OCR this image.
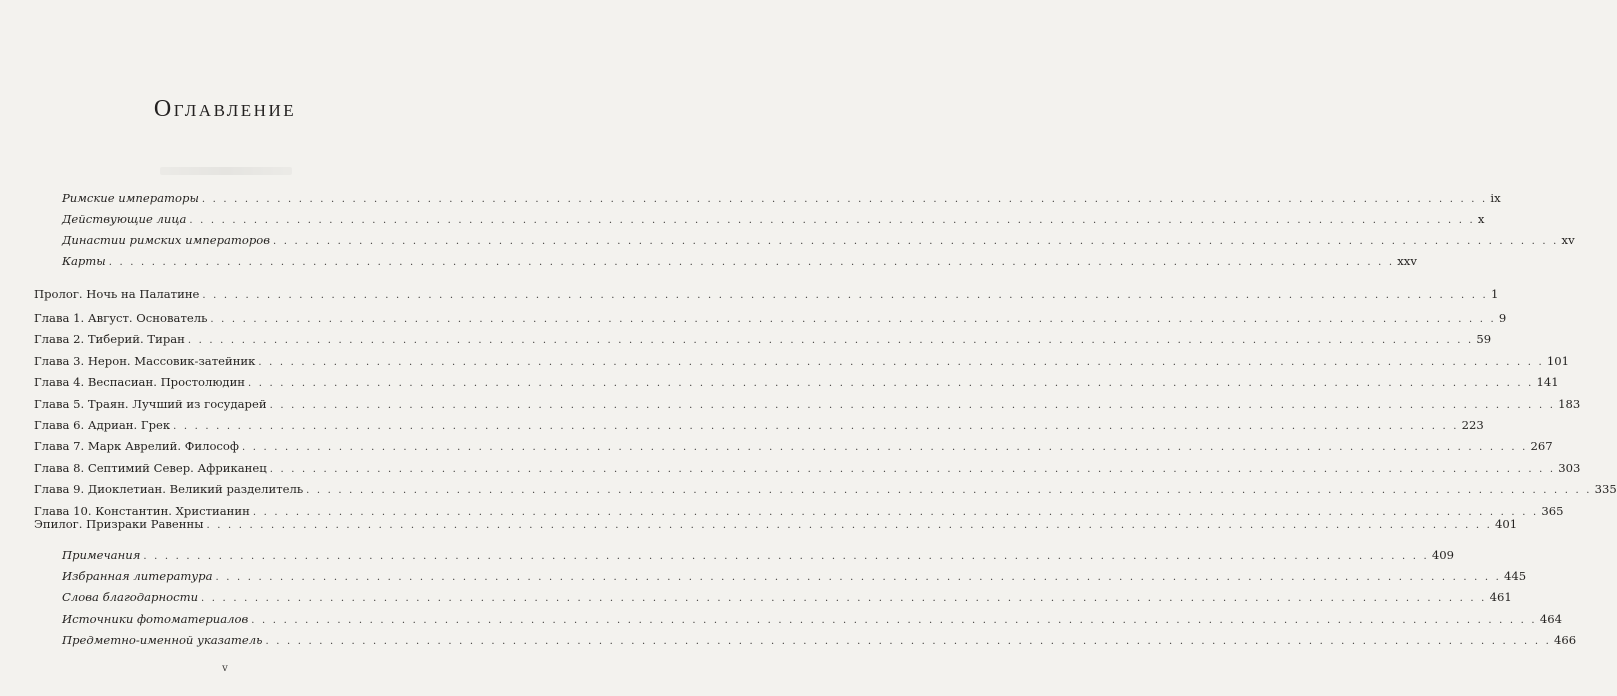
Оглавление
Римские императоры . . . . . . . . . . . . . . . . . . . . . . . . . . . . . . . . . . . . . . . . . . . . . . . . . . . . . . . . . . . . . . . . . . . . . . . . . . . . . . . . . . . . . . . . . . . . . . . . . . . . . . . . . . . . . . . . . . . . . . . . ix
Действующие лица . . . . . . . . . . . . . . . . . . . . . . . . . . . . . . . . . . . . . . . . . . . . . . . . . . . . . . . . . . . . . . . . . . . . . . . . . . . . . . . . . . . . . . . . . . . . . . . . . . . . . . . . . . . . . . . . . . . . . . . . x
Династии римских императоров . . . . . . . . . . . . . . . . . . . . . . . . . . . . . . . . . . . . . . . . . . . . . . . . . . . . . . . . . . . . . . . . . . . . . . . . . . . . . . . . . . . . . . . . . . . . . . . . . . . . . . . . . . . . . . . . . . . . . . . . xv
Карты . . . . . . . . . . . . . . . . . . . . . . . . . . . . . . . . . . . . . . . . . . . . . . . . . . . . . . . . . . . . . . . . . . . . . . . . . . . . . . . . . . . . . . . . . . . . . . . . . . . . . . . . . . . . . . . . . . . . . . . . xxv
Пролог. Ночь на Палатине . . . . . . . . . . . . . . . . . . . . . . . . . . . . . . . . . . . . . . . . . . . . . . . . . . . . . . . . . . . . . . . . . . . . . . . . . . . . . . . . . . . . . . . . . . . . . . . . . . . . . . . . . . . . . . . . . . . . . . . . 1
Глава 1. Август. Основатель . . . . . . . . . . . . . . . . . . . . . . . . . . . . . . . . . . . . . . . . . . . . . . . . . . . . . . . . . . . . . . . . . . . . . . . . . . . . . . . . . . . . . . . . . . . . . . . . . . . . . . . . . . . . . . . . . . . . . . . . 9
Глава 2. Тиберий. Тиран . . . . . . . . . . . . . . . . . . . . . . . . . . . . . . . . . . . . . . . . . . . . . . . . . . . . . . . . . . . . . . . . . . . . . . . . . . . . . . . . . . . . . . . . . . . . . . . . . . . . . . . . . . . . . . . . . . . . . . . . 59
Глава 3. Нерон. Массовик-затейник . . . . . . . . . . . . . . . . . . . . . . . . . . . . . . . . . . . . . . . . . . . . . . . . . . . . . . . . . . . . . . . . . . . . . . . . . . . . . . . . . . . . . . . . . . . . . . . . . . . . . . . . . . . . . . . . . . . . . . . . 101
Глава 4. Веспасиан. Простолюдин . . . . . . . . . . . . . . . . . . . . . . . . . . . . . . . . . . . . . . . . . . . . . . . . . . . . . . . . . . . . . . . . . . . . . . . . . . . . . . . . . . . . . . . . . . . . . . . . . . . . . . . . . . . . . . . . . . . . . . . . 141
Глава 5. Траян. Лучший из государей . . . . . . . . . . . . . . . . . . . . . . . . . . . . . . . . . . . . . . . . . . . . . . . . . . . . . . . . . . . . . . . . . . . . . . . . . . . . . . . . . . . . . . . . . . . . . . . . . . . . . . . . . . . . . . . . . . . . . . . . 183
Глава 6. Адриан. Грек . . . . . . . . . . . . . . . . . . . . . . . . . . . . . . . . . . . . . . . . . . . . . . . . . . . . . . . . . . . . . . . . . . . . . . . . . . . . . . . . . . . . . . . . . . . . . . . . . . . . . . . . . . . . . . . . . . . . . . . . 223
Глава 7. Марк Аврелий. Философ . . . . . . . . . . . . . . . . . . . . . . . . . . . . . . . . . . . . . . . . . . . . . . . . . . . . . . . . . . . . . . . . . . . . . . . . . . . . . . . . . . . . . . . . . . . . . . . . . . . . . . . . . . . . . . . . . . . . . . . . 267
Глава 8. Септимий Север. Африканец . . . . . . . . . . . . . . . . . . . . . . . . . . . . . . . . . . . . . . . . . . . . . . . . . . . . . . . . . . . . . . . . . . . . . . . . . . . . . . . . . . . . . . . . . . . . . . . . . . . . . . . . . . . . . . . . . . . . . . . . 303
Глава 9. Диоклетиан. Великий разделитель . . . . . . . . . . . . . . . . . . . . . . . . . . . . . . . . . . . . . . . . . . . . . . . . . . . . . . . . . . . . . . . . . . . . . . . . . . . . . . . . . . . . . . . . . . . . . . . . . . . . . . . . . . . . . . . . . . . . . . . . 335
Глава 10. Константин. Христианин . . . . . . . . . . . . . . . . . . . . . . . . . . . . . . . . . . . . . . . . . . . . . . . . . . . . . . . . . . . . . . . . . . . . . . . . . . . . . . . . . . . . . . . . . . . . . . . . . . . . . . . . . . . . . . . . . . . . . . . . 365
Эпилог. Призраки Равенны . . . . . . . . . . . . . . . . . . . . . . . . . . . . . . . . . . . . . . . . . . . . . . . . . . . . . . . . . . . . . . . . . . . . . . . . . . . . . . . . . . . . . . . . . . . . . . . . . . . . . . . . . . . . . . . . . . . . . . . . 401
Примечания . . . . . . . . . . . . . . . . . . . . . . . . . . . . . . . . . . . . . . . . . . . . . . . . . . . . . . . . . . . . . . . . . . . . . . . . . . . . . . . . . . . . . . . . . . . . . . . . . . . . . . . . . . . . . . . . . . . . . . . . 409
Избранная литература . . . . . . . . . . . . . . . . . . . . . . . . . . . . . . . . . . . . . . . . . . . . . . . . . . . . . . . . . . . . . . . . . . . . . . . . . . . . . . . . . . . . . . . . . . . . . . . . . . . . . . . . . . . . . . . . . . . . . . . . 445
Слова благодарности . . . . . . . . . . . . . . . . . . . . . . . . . . . . . . . . . . . . . . . . . . . . . . . . . . . . . . . . . . . . . . . . . . . . . . . . . . . . . . . . . . . . . . . . . . . . . . . . . . . . . . . . . . . . . . . . . . . . . . . . 461
Источники фотоматериалов . . . . . . . . . . . . . . . . . . . . . . . . . . . . . . . . . . . . . . . . . . . . . . . . . . . . . . . . . . . . . . . . . . . . . . . . . . . . . . . . . . . . . . . . . . . . . . . . . . . . . . . . . . . . . . . . . . . . . . . . 464
Предметно-именной указатель . . . . . . . . . . . . . . . . . . . . . . . . . . . . . . . . . . . . . . . . . . . . . . . . . . . . . . . . . . . . . . . . . . . . . . . . . . . . . . . . . . . . . . . . . . . . . . . . . . . . . . . . . . . . . . . . . . . . . . . . 466
v
